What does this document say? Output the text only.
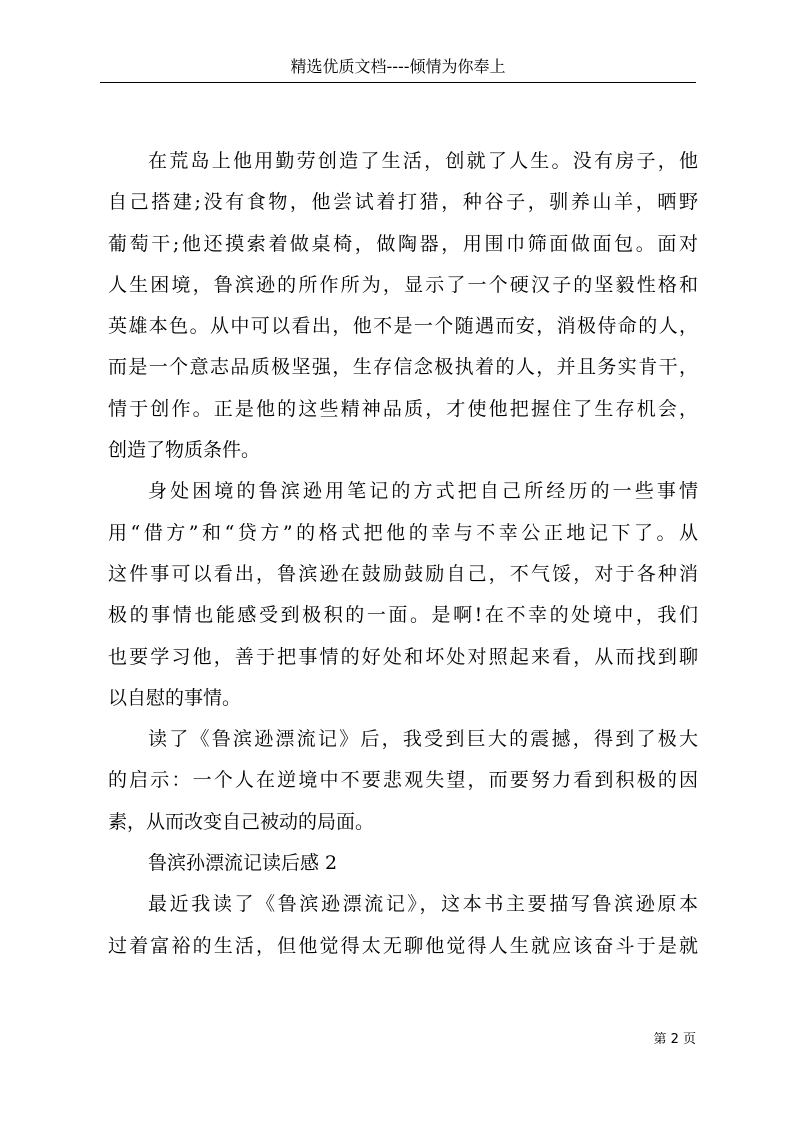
精选优质文档----倾情为你奉上
在荒岛上他用勤劳创造了生活，创就了人生。没有房子，他
自己搭建;没有食物，他尝试着打猎，种谷子，驯养山羊，晒野
葡萄干;他还摸索着做桌椅，做陶器，用围巾筛面做面包。面对
人生困境，鲁滨逊的所作所为，显示了一个硬汉子的坚毅性格和
英雄本色。从中可以看出，他不是一个随遇而安，消极侍命的人，
而是一个意志品质极坚强，生存信念极执着的人，并且务实肯干，
情于创作。正是他的这些精神品质，才使他把握住了生存机会，
创造了物质条件。
身处困境的鲁滨逊用笔记的方式把自己所经历的一些事情
用“借方”和“贷方”的格式把他的幸与不幸公正地记下了。从
这件事可以看出，鲁滨逊在鼓励鼓励自己，不气馁，对于各种消
极的事情也能感受到极积的一面。是啊!在不幸的处境中，我们
也要学习他，善于把事情的好处和坏处对照起来看，从而找到聊
以自慰的事情。
读了《鲁滨逊漂流记》后，我受到巨大的震撼，得到了极大
的启示：一个人在逆境中不要悲观失望，而要努力看到积极的因
素，从而改变自己被动的局面。
鲁滨孙漂流记读后感 2
最近我读了《鲁滨逊漂流记》，这本书主要描写鲁滨逊原本
过着富裕的生活，但他觉得太无聊他觉得人生就应该奋斗于是就
第 2 页
